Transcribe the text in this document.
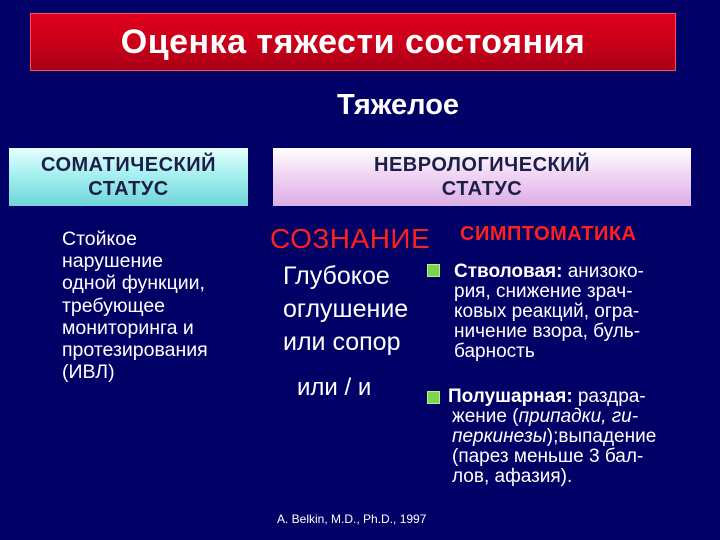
Оценка тяжести состояния
Тяжелое
СОМАТИЧЕСКИЙ
СТАТУС
НЕВРОЛОГИЧЕСКИЙ
СТАТУС
Стойкое
нарушение
одной функции,
требующее
мониторинга и
протезирования
(ИВЛ)
СОЗНАНИЕ СИМПТОМАТИКА
Глубокое
оглушение
или сопор
или / и
Стволовая: анизоко-
рия, снижение зрач-
ковых реакций, огра-
ничение взора, буль-
барность
Полушарная: раздра-
жение (припадки, ги-
перкинезы);выпадение
(парез меньше 3 бал-
лов, афазия).
A. Belkin, M.D., Ph.D., 1997
